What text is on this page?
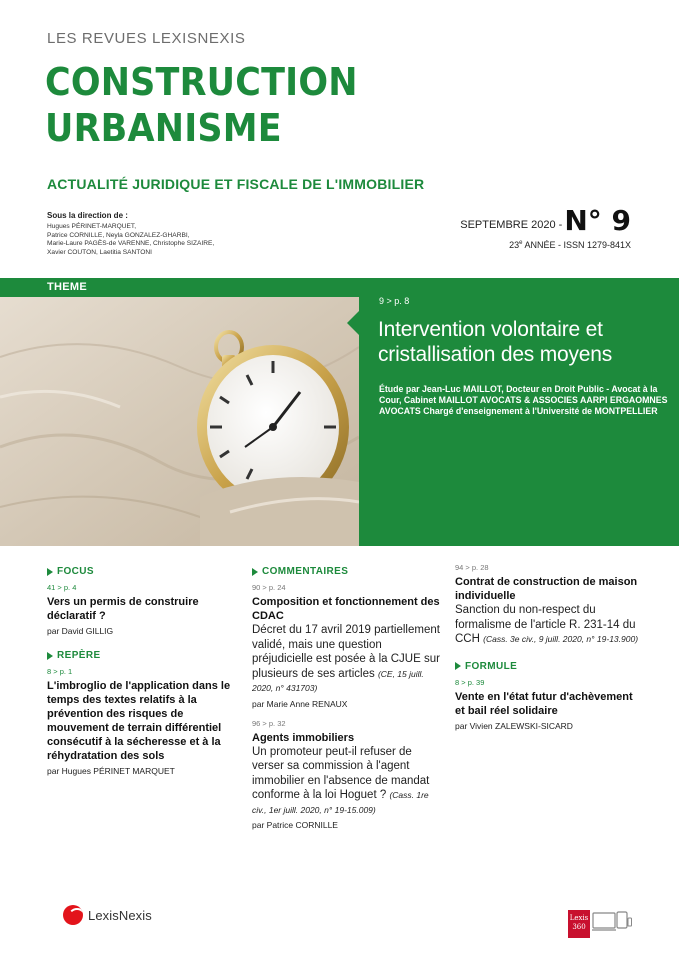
LES REVUES LEXISNEXIS
CONSTRUCTION
URBANISME
ACTUALITÉ JURIDIQUE ET FISCALE DE L'IMMOBILIER
Sous la direction de :
Hugues PÉRINET-MARQUET,
Patrice CORNILLE, Neyla GONZALEZ-GHARBI,
Marie-Laure PAGÈS-de VARENNE, Christophe SIZAIRE,
Xavier COUTON, Laetitia SANTONI
SEPTEMBRE 2020 - N° 9
23e ANNÉE - ISSN 1279-841X
THEME
9 > p. 8
Intervention volontaire et cristallisation des moyens
Étude par Jean-Luc MAILLOT, Docteur en Droit Public - Avocat à la Cour, Cabinet MAILLOT AVOCATS & ASSOCIES AARPI ERGAOMNES AVOCATS Chargé d'enseignement à l'Université de MONTPELLIER
FOCUS
41 > p. 4
Vers un permis de construire déclaratif ?
par David GILLIG
REPÈRE
8 > p. 1
L'imbroglio de l'application dans le temps des textes relatifs à la prévention des risques de mouvement de terrain différentiel consécutif à la sécheresse et à la réhydratation des sols
par Hugues PÉRINET MARQUET
COMMENTAIRES
90 > p. 24
Composition et fonctionnement des CDAC
Décret du 17 avril 2019 partiellement validé, mais une question préjudicielle est posée à la CJUE sur plusieurs de ses articles (CE, 15 juill. 2020, n° 431703)
par Marie Anne RENAUX
96 > p. 32
Agents immobiliers
Un promoteur peut-il refuser de verser sa commission à l'agent immobilier en l'absence de mandat conforme à la loi Hoguet ? (Cass. 1re civ., 1er juill. 2020, n° 19-15.009)
par Patrice CORNILLE
94 > p. 28
Contrat de construction de maison individuelle
Sanction du non-respect du formalisme de l'article R. 231-14 du CCH (Cass. 3e civ., 9 juill. 2020, n° 19-13.900)
FORMULE
8 > p. 39
Vente en l'état futur d'achèvement et bail réel solidaire
par Vivien ZALEWSKI-SICARD
LexisNexis	Lexis
360
